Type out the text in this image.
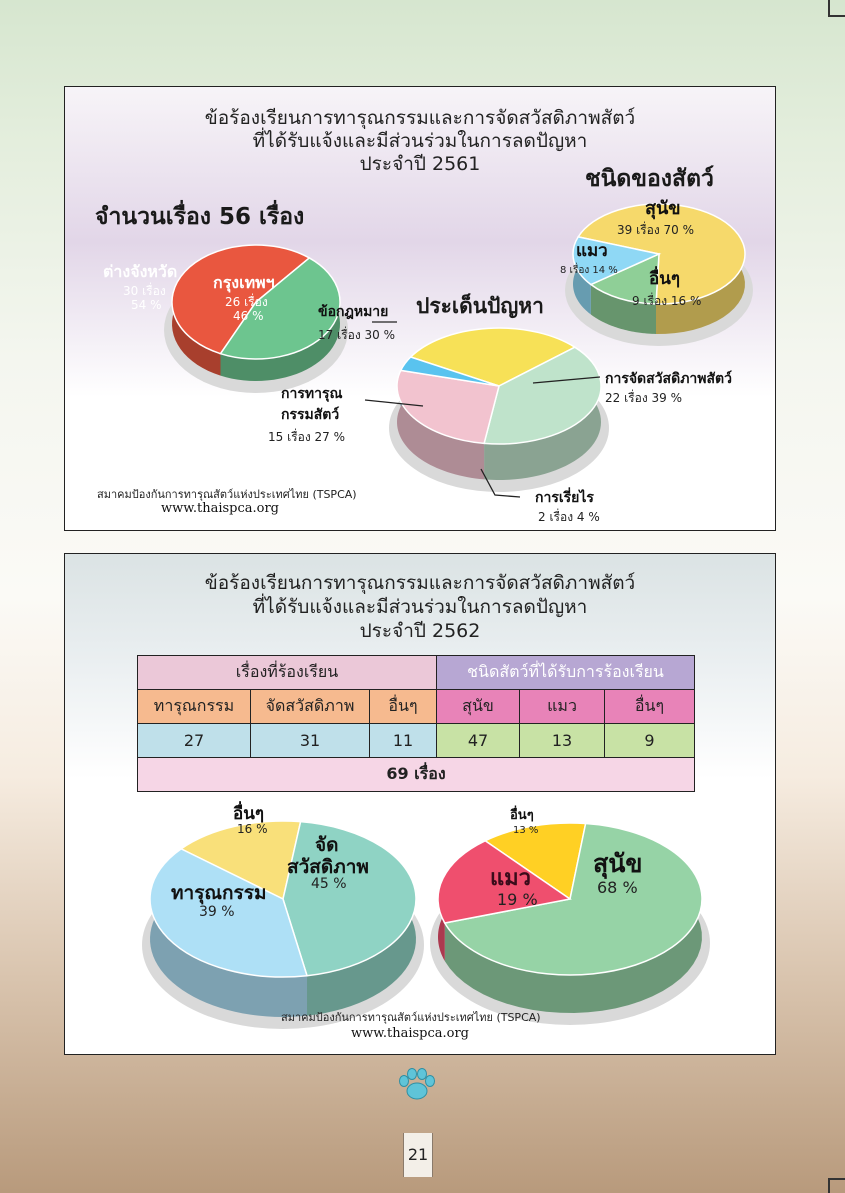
ข้อร้องเรียนการทารุณกรรมและการจัดสวัสดิภาพสัตว์
ที่ได้รับแจ้งและมีส่วนร่วมในการลดปัญหา
ประจำปี 2561
จำนวนเรื่อง 56 เรื่อง
ชนิดของสัตว์
ประเด็นปัญหา
ต่างจังหวัด
30 เรื่อง
54 %
กรุงเทพฯ
26 เรื่อง
46 %
สุนัข
39 เรื่อง 70 %
แมว
8 เรื่อง 14 % อื่นๆ
9 เรื่อง 16 %
ข้อกฎหมาย
17 เรื่อง 30 %
การจัดสวัสดิภาพสัตว์
22 เรื่อง 39 %
การทารุณ
กรรมสัตว์
15 เรื่อง 27 %
การเรี่ยไร
2 เรื่อง 4 %
สมาคมป้องกันการทารุณสัตว์แห่งประเทศไทย (TSPCA)
www.thaispca.org
ข้อร้องเรียนการทารุณกรรมและการจัดสวัสดิภาพสัตว์
ที่ได้รับแจ้งและมีส่วนร่วมในการลดปัญหา
ประจำปี 2562
เรื่องที่ร้องเรียน			ชนิดสัตว์ที่ได้รับการร้องเรียน		
ทารุณกรรม	จัดสวัสดิภาพ	อื่นๆ	สุนัข	แมว	อื่นๆ
27	31	11	47	13	9
69 เรื่อง					
อื่นๆ
16 %
จัด
สวัสดิภาพ
45 %
ทารุณกรรม
39 %
อื่นๆ
13 %
สุนัข
68 %
แมว
19 %
สมาคมป้องกันการทารุณสัตว์แห่งประเทศไทย (TSPCA)
www.thaispca.org
21
